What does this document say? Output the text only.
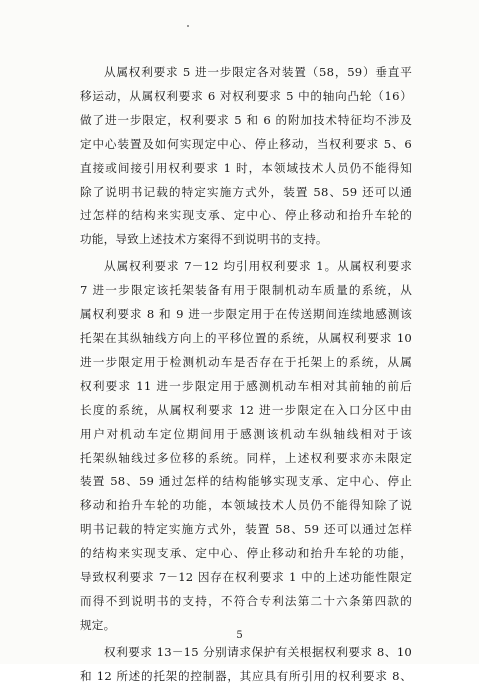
从属权利要求 5 进一步限定各对装置（58，59）垂直平

移运动，从属权利要求 6 对权利要求 5 中的轴向凸轮（16）

做了进一步限定，权利要求 5 和 6 的附加技术特征均不涉及

定中心装置及如何实现定中心、停止移动，当权利要求 5、6

直接或间接引用权利要求 1 时，本领域技术人员仍不能得知

除了说明书记载的特定实施方式外，装置 58、59 还可以通

过怎样的结构来实现支承、定中心、停止移动和抬升车轮的

功能，导致上述技术方案得不到说明书的支持。

从属权利要求 7－12 均引用权利要求 1。从属权利要求

7 进一步限定该托架装备有用于限制机动车质量的系统，从

属权利要求 8 和 9 进一步限定用于在传送期间连续地感测该

托架在其纵轴线方向上的平移位置的系统，从属权利要求 10

进一步限定用于检测机动车是否存在于托架上的系统，从属

权利要求 11 进一步限定用于感测机动车相对其前轴的前后

长度的系统，从属权利要求 12 进一步限定在入口分区中由

用户对机动车定位期间用于感测该机动车纵轴线相对于该

托架纵轴线过多位移的系统。同样，上述权利要求亦未限定

装置 58、59 通过怎样的结构能够实现支承、定中心、停止

移动和抬升车轮的功能，本领域技术人员仍不能得知除了说

明书记载的特定实施方式外，装置 58、59 还可以通过怎样

的结构来实现支承、定中心、停止移动和抬升车轮的功能，

导致权利要求 7－12 因存在权利要求 1 中的上述功能性限定

而得不到说明书的支持，不符合专利法第二十六条第四款的

规定。

权利要求 13－15 分别请求保护有关根据权利要求 8、10

和 12 所述的托架的控制器，其应具有所引用的权利要求 8、

5
